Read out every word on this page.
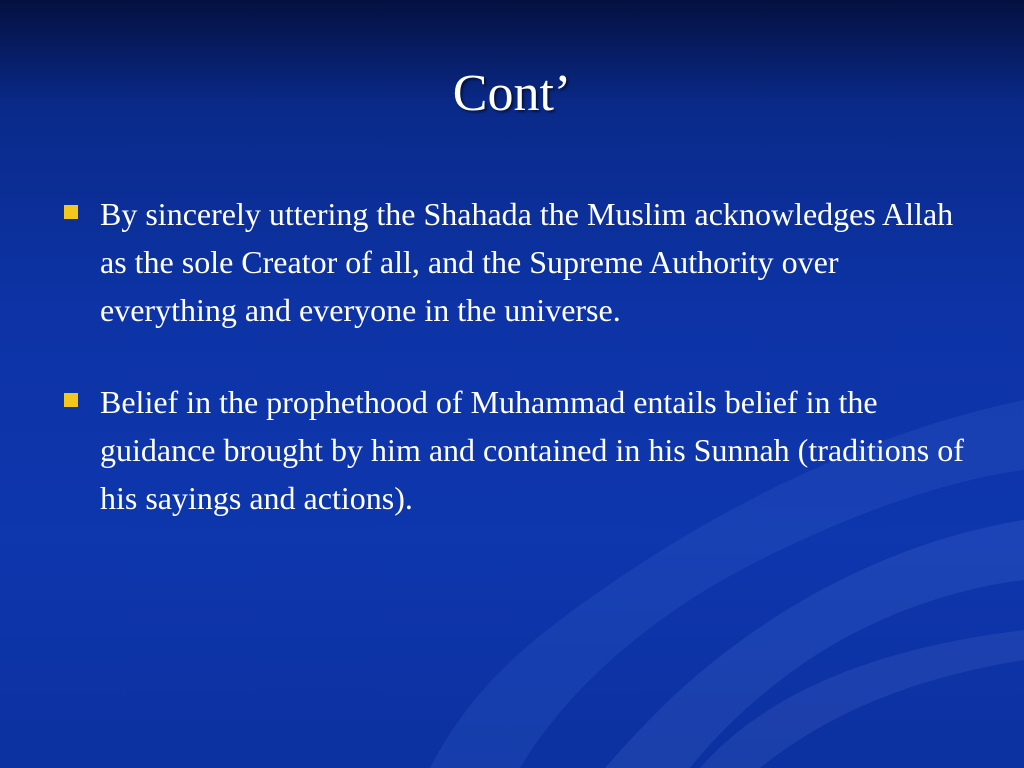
Cont’
By sincerely uttering the Shahada the Muslim acknowledges Allah as the sole Creator of all, and the Supreme Authority over everything and everyone in the universe.
Belief in the prophethood of Muhammad entails belief in the guidance brought by him and contained in his Sunnah (traditions of his sayings and actions).
